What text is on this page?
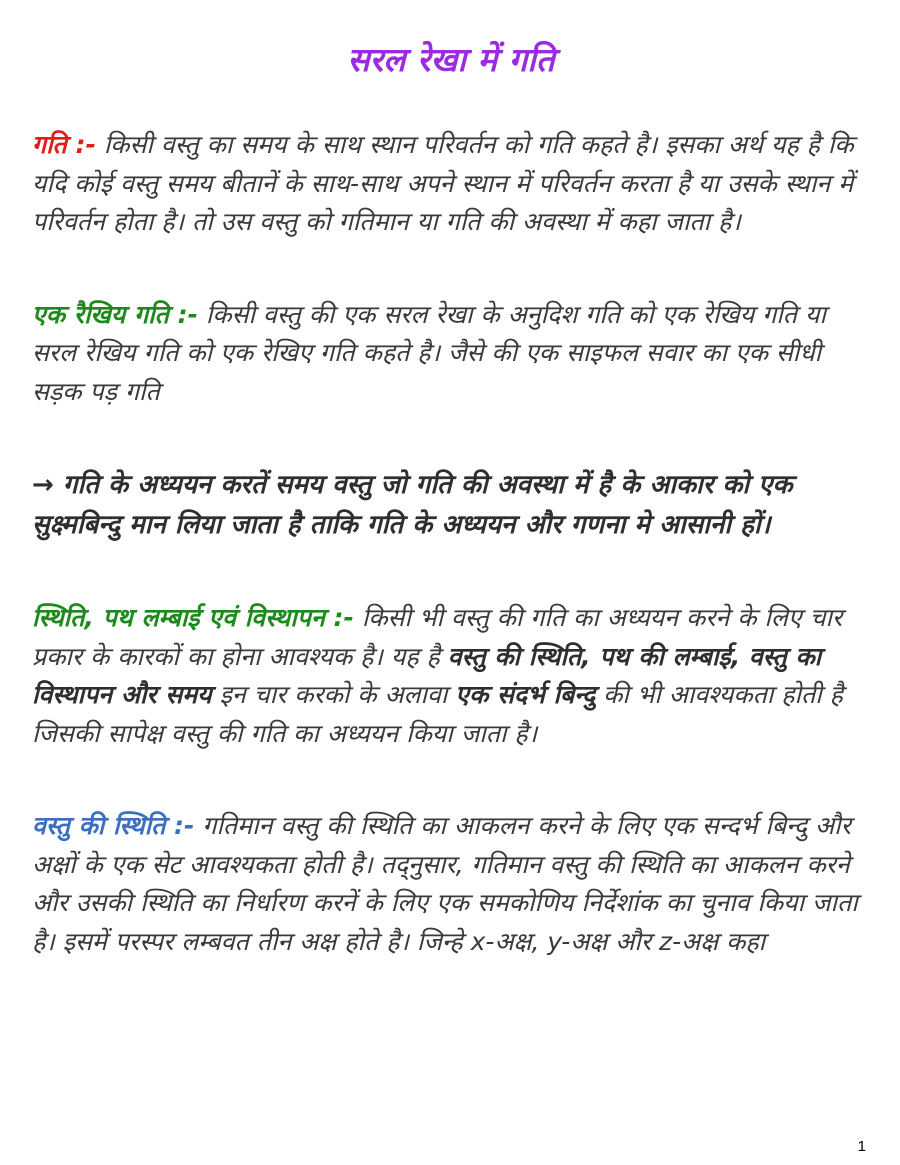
सरल रेखा में गति

गति :- किसी वस्तु का समय के साथ स्थान परिवर्तन को गति कहते है। इसका अर्थ यह है कि यदि कोई वस्तु समय बीतानें के साथ-साथ अपने स्थान में परिवर्तन करता है या उसके स्थान में परिवर्तन होता है। तो उस वस्तु को गतिमान या गति की अवस्था में कहा जाता है।

एक रैखिय गति :- किसी वस्तु की एक सरल रेखा के अनुदिश गति को एक रेखिय गति या सरल रेखिय गति को एक रेखिए गति कहते है। जैसे की एक साइफल सवार का एक सीधी सड़क पड़ गति

→ गति के अध्ययन करतें समय वस्तु जो गति की अवस्था में है के आकार को एक सुक्ष्मबिन्दु मान लिया जाता है ताकि गति के अध्ययन और गणना मे आसानी हों।

स्थिति, पथ लम्बाई एवं विस्थापन :- किसी भी वस्तु की गति का अध्ययन करने के लिए चार प्रकार के कारकों का होना आवश्यक है। यह है वस्तु की स्थिति, पथ की लम्बाई, वस्तु का विस्थापन और समय इन चार करको के अलावा एक संदर्भ बिन्दु की भी आवश्यकता होती है जिसकी सापेक्ष वस्तु की गति का अध्ययन किया जाता है।

वस्तु की स्थिति :- गतिमान वस्तु की स्थिति का आकलन करने के लिए एक सन्दर्भ बिन्दु और अक्षों के एक सेट आवश्यकता होती है। तद्नुसार, गतिमान वस्तु की स्थिति का आकलन करने और उसकी स्थिति का निर्धारण करनें के लिए एक समकोणिय निर्देशांक का चुनाव किया जाता है। इसमें परस्पर लम्बवत तीन अक्ष होते है। जिन्हे x-अक्ष, y-अक्ष और z-अक्ष कहा

1
